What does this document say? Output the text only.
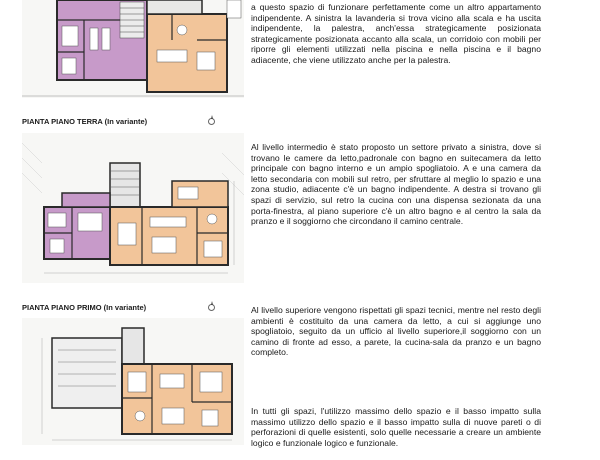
PIANTA PIANO TERRA (In variante)
PIANTA PIANO PRIMO (In variante)

a questo spazio di funzionare perfettamente come un altro appartamento indipendente. A sinistra la lavanderia si trova vicino alla scala e ha uscita indipendente, la palestra, anch'essa strategicamente posizionata strategicamente posizionata accanto alla scala, un corridoio con mobili per riporre gli elementi utilizzati nella piscina e nella piscina e il bagno adiacente, che viene utilizzato anche per la palestra.

Al livello intermedio è stato proposto un settore privato a sinistra, dove si trovano le camere da letto,padronale con bagno en suitecamera da letto principale con bagno interno e un ampio spogliatoio. A e una camera da letto secondaria con mobili sul retro, per sfruttare al meglio lo spazio e una zona studio, adiacente c'è un bagno indipendente. A destra si trovano gli spazi di servizio, sul retro la cucina con una dispensa sezionata da una porta-finestra, al piano superiore c'è un altro bagno e al centro la sala da pranzo e il soggiorno che circondano il camino centrale.

Al livello superiore vengono rispettati gli spazi tecnici, mentre nel resto degli ambienti è costituito da una camera da letto, a cui si aggiunge uno spogliatoio, seguito da un ufficio al livello superiore,il soggiorno con un camino di fronte ad esso, a parete, la cucina-sala da pranzo e un bagno completo.

In tutti gli spazi, l'utilizzo massimo dello spazio e il basso impatto sulla massimo utilizzo dello spazio e il basso impatto sulla di nuove pareti o di perforazioni di quelle esistenti, solo quelle necessarie a creare un ambiente logico e funzionale logico e funzionale.
